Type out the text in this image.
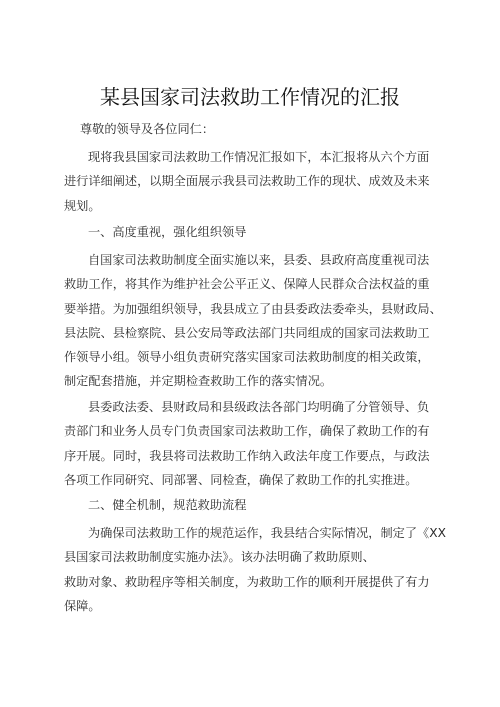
某县国家司法救助工作情况的汇报
尊敬的领导及各位同仁：
现将我县国家司法救助工作情况汇报如下，本汇报将从六个方面
进行详细阐述，以期全面展示我县司法救助工作的现状、成效及未来
规划。
一、高度重视，强化组织领导
自国家司法救助制度全面实施以来，县委、县政府高度重视司法
救助工作，将其作为维护社会公平正义、保障人民群众合法权益的重
要举措。为加强组织领导，我县成立了由县委政法委牵头，县财政局、
县法院、县检察院、县公安局等政法部门共同组成的国家司法救助工
作领导小组。领导小组负责研究落实国家司法救助制度的相关政策，
制定配套措施，并定期检查救助工作的落实情况。
县委政法委、县财政局和县级政法各部门均明确了分管领导、负
责部门和业务人员专门负责国家司法救助工作，确保了救助工作的有
序开展。同时，我县将司法救助工作纳入政法年度工作要点，与政法
各项工作同研究、同部署、同检查，确保了救助工作的扎实推进。
二、健全机制，规范救助流程
为确保司法救助工作的规范运作，我县结合实际情况，制定了《XX
县国家司法救助制度实施办法》。该办法明确了救助原则、
救助对象、救助程序等相关制度，为救助工作的顺利开展提供了有力
保障。
